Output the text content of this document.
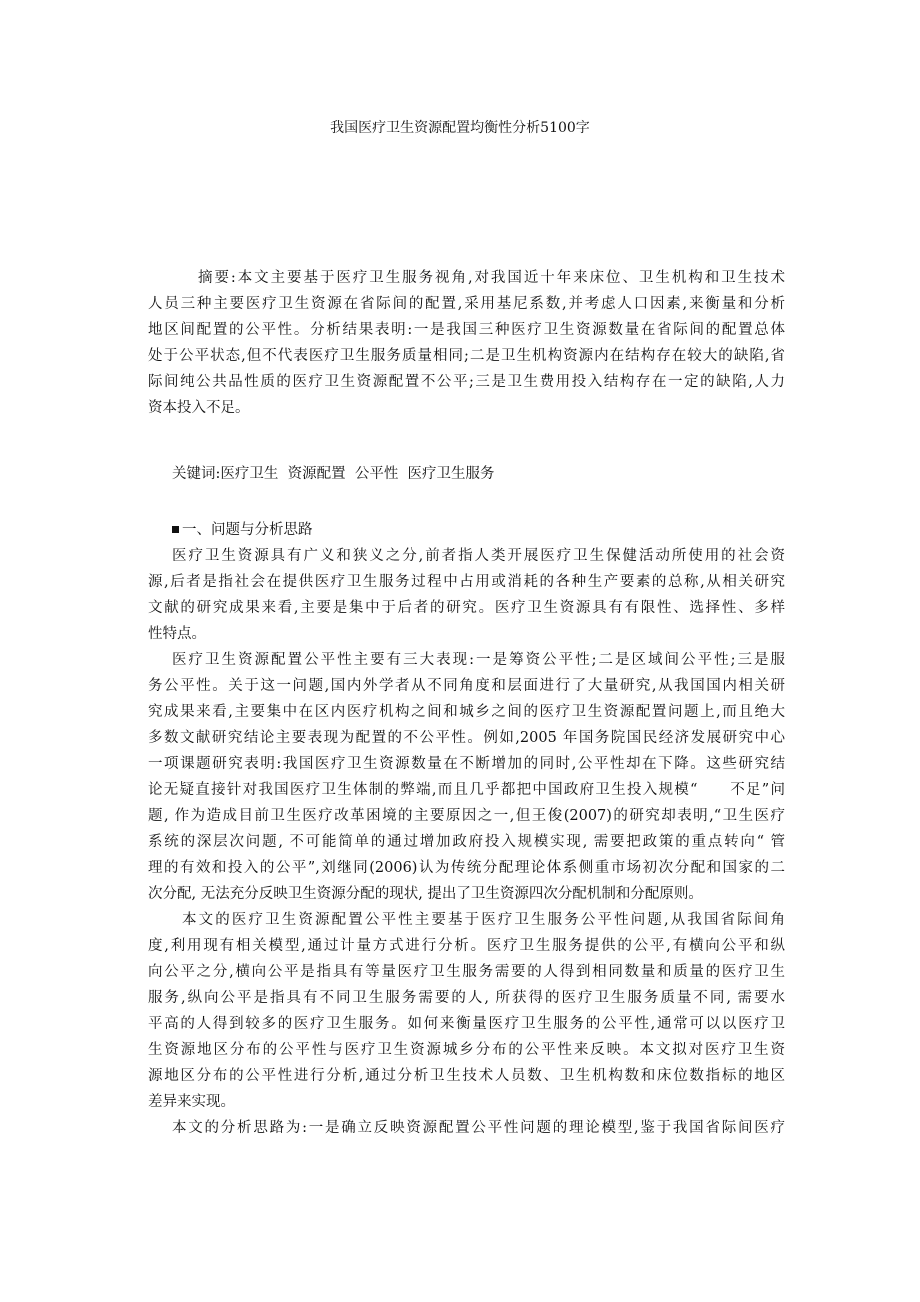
我国医疗卫生资源配置均衡性分析5100字
摘要:本文主要基于医疗卫生服务视角,对我国近十年来床位、卫生机构和卫生技术
人员三种主要医疗卫生资源在省际间的配置,采用基尼系数,并考虑人口因素,来衡量和分析
地区间配置的公平性。分析结果表明:一是我国三种医疗卫生资源数量在省际间的配置总体
处于公平状态,但不代表医疗卫生服务质量相同;二是卫生机构资源内在结构存在较大的缺陷,省
际间纯公共品性质的医疗卫生资源配置不公平;三是卫生费用投入结构存在一定的缺陷,人力
资本投入不足。
关键词:医疗卫生  资源配置  公平性  医疗卫生服务
一、问题与分析思路
医疗卫生资源具有广义和狭义之分,前者指人类开展医疗卫生保健活动所使用的社会资
源,后者是指社会在提供医疗卫生服务过程中占用或消耗的各种生产要素的总称,从相关研究
文献的研究成果来看,主要是集中于后者的研究。医疗卫生资源具有有限性、选择性、多样
性特点。
医疗卫生资源配置公平性主要有三大表现:一是筹资公平性;二是区域间公平性;三是服
务公平性。关于这一问题,国内外学者从不同角度和层面进行了大量研究,从我国国内相关研
究成果来看,主要集中在区内医疗机构之间和城乡之间的医疗卫生资源配置问题上,而且绝大
多数文献研究结论主要表现为配置的不公平性。例如,2005 年国务院国民经济发展研究中心
一项课题研究表明:我国医疗卫生资源数量在不断增加的同时,公平性却在下降。这些研究结
论无疑直接针对我国医疗卫生体制的弊端,而且几乎都把中国政府卫生投入规模“　　不足”问
题, 作为造成目前卫生医疗改革困境的主要原因之一,但王俊(2007)的研究却表明,“卫生医疗
系统的深层次问题, 不可能简单的通过增加政府投入规模实现, 需要把政策的重点转向“ 管
理的有效和投入的公平”,刘继同(2006)认为传统分配理论体系侧重市场初次分配和国家的二
次分配, 无法充分反映卫生资源分配的现状, 提出了卫生资源四次分配机制和分配原则。
本文的医疗卫生资源配置公平性主要基于医疗卫生服务公平性问题,从我国省际间角
度,利用现有相关模型,通过计量方式进行分析。医疗卫生服务提供的公平,有横向公平和纵
向公平之分,横向公平是指具有等量医疗卫生服务需要的人得到相同数量和质量的医疗卫生
服务,纵向公平是指具有不同卫生服务需要的人, 所获得的医疗卫生服务质量不同, 需要水
平高的人得到较多的医疗卫生服务。如何来衡量医疗卫生服务的公平性,通常可以以医疗卫
生资源地区分布的公平性与医疗卫生资源城乡分布的公平性来反映。本文拟对医疗卫生资
源地区分布的公平性进行分析,通过分析卫生技术人员数、卫生机构数和床位数指标的地区
差异来实现。
本文的分析思路为:一是确立反映资源配置公平性问题的理论模型,鉴于我国省际间医疗
